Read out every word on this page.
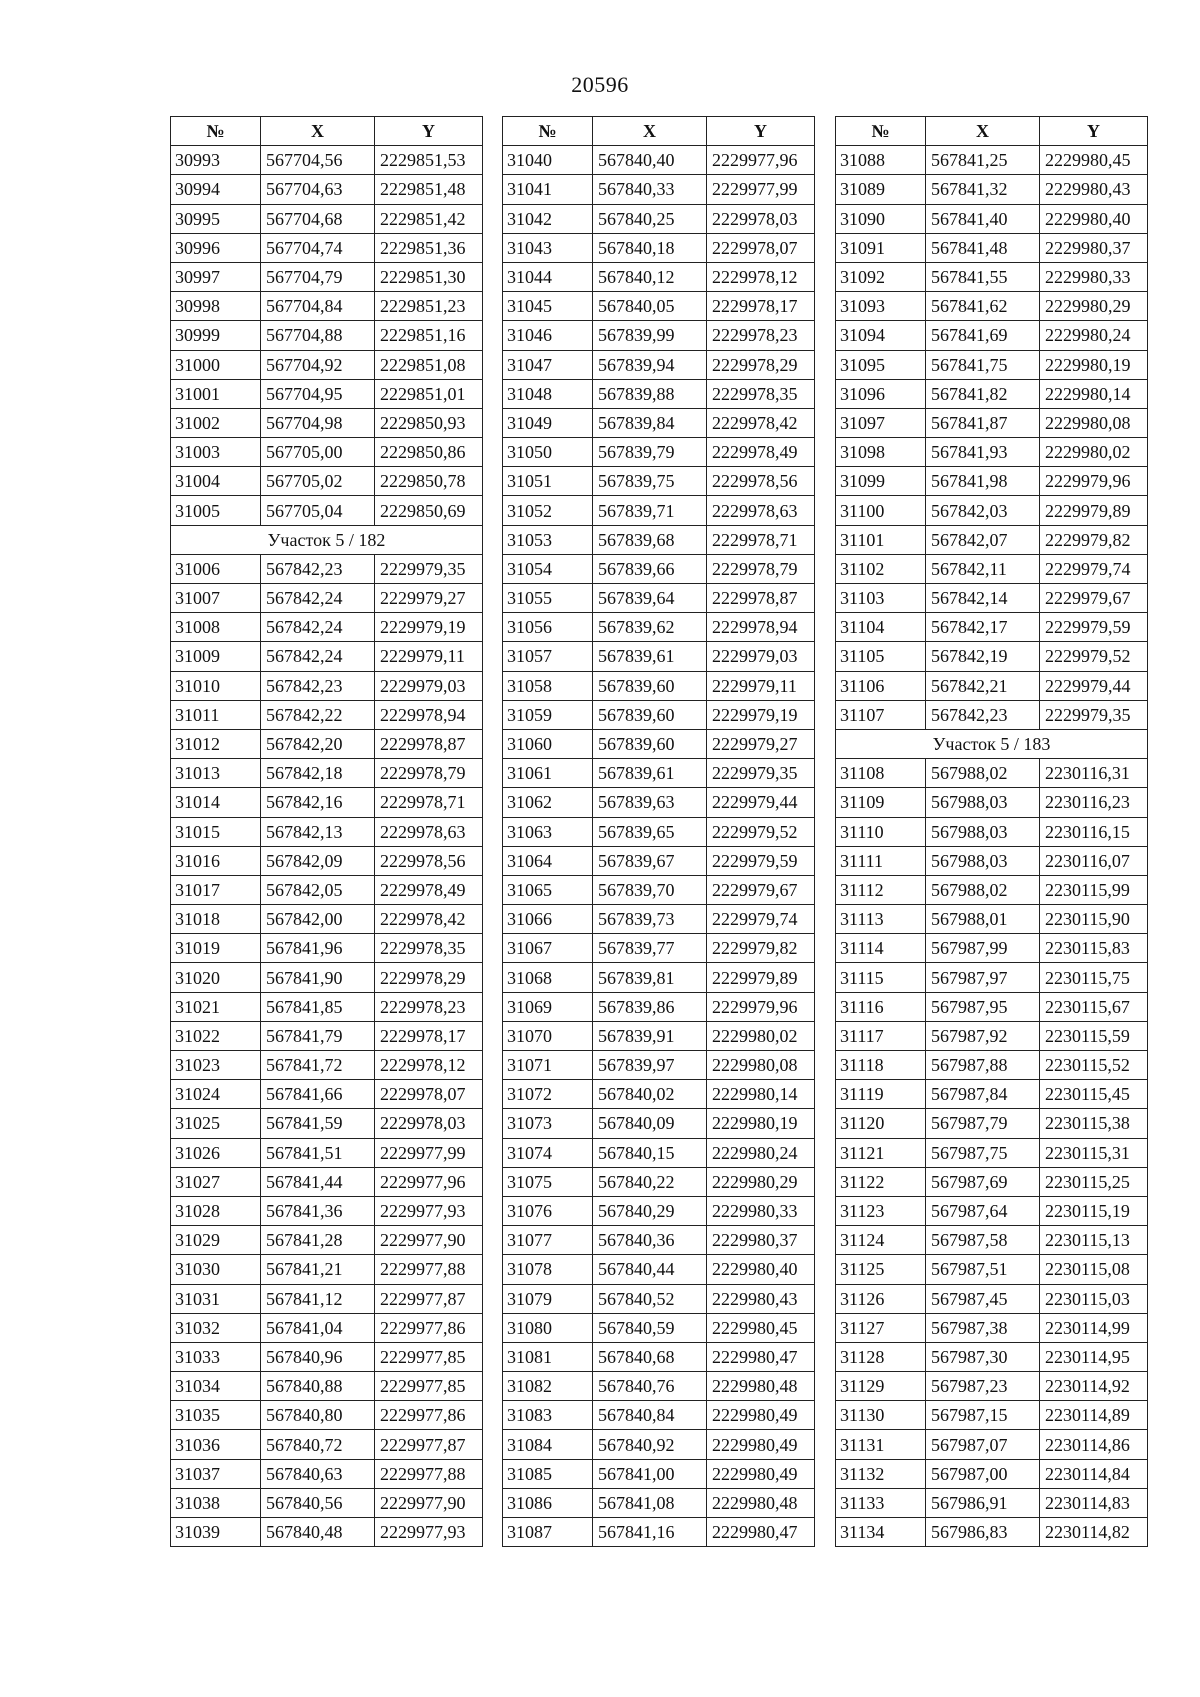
20596
№	X	Y
30993	567704,56	2229851,53
30994	567704,63	2229851,48
30995	567704,68	2229851,42
30996	567704,74	2229851,36
30997	567704,79	2229851,30
30998	567704,84	2229851,23
30999	567704,88	2229851,16
31000	567704,92	2229851,08
31001	567704,95	2229851,01
31002	567704,98	2229850,93
31003	567705,00	2229850,86
31004	567705,02	2229850,78
31005	567705,04	2229850,69
Участок 5 / 182		
31006	567842,23	2229979,35
31007	567842,24	2229979,27
31008	567842,24	2229979,19
31009	567842,24	2229979,11
31010	567842,23	2229979,03
31011	567842,22	2229978,94
31012	567842,20	2229978,87
31013	567842,18	2229978,79
31014	567842,16	2229978,71
31015	567842,13	2229978,63
31016	567842,09	2229978,56
31017	567842,05	2229978,49
31018	567842,00	2229978,42
31019	567841,96	2229978,35
31020	567841,90	2229978,29
31021	567841,85	2229978,23
31022	567841,79	2229978,17
31023	567841,72	2229978,12
31024	567841,66	2229978,07
31025	567841,59	2229978,03
31026	567841,51	2229977,99
31027	567841,44	2229977,96
31028	567841,36	2229977,93
31029	567841,28	2229977,90
31030	567841,21	2229977,88
31031	567841,12	2229977,87
31032	567841,04	2229977,86
31033	567840,96	2229977,85
31034	567840,88	2229977,85
31035	567840,80	2229977,86
31036	567840,72	2229977,87
31037	567840,63	2229977,88
31038	567840,56	2229977,90
31039	567840,48	2229977,93
№	X	Y
31040	567840,40	2229977,96
31041	567840,33	2229977,99
31042	567840,25	2229978,03
31043	567840,18	2229978,07
31044	567840,12	2229978,12
31045	567840,05	2229978,17
31046	567839,99	2229978,23
31047	567839,94	2229978,29
31048	567839,88	2229978,35
31049	567839,84	2229978,42
31050	567839,79	2229978,49
31051	567839,75	2229978,56
31052	567839,71	2229978,63
31053	567839,68	2229978,71
31054	567839,66	2229978,79
31055	567839,64	2229978,87
31056	567839,62	2229978,94
31057	567839,61	2229979,03
31058	567839,60	2229979,11
31059	567839,60	2229979,19
31060	567839,60	2229979,27
31061	567839,61	2229979,35
31062	567839,63	2229979,44
31063	567839,65	2229979,52
31064	567839,67	2229979,59
31065	567839,70	2229979,67
31066	567839,73	2229979,74
31067	567839,77	2229979,82
31068	567839,81	2229979,89
31069	567839,86	2229979,96
31070	567839,91	2229980,02
31071	567839,97	2229980,08
31072	567840,02	2229980,14
31073	567840,09	2229980,19
31074	567840,15	2229980,24
31075	567840,22	2229980,29
31076	567840,29	2229980,33
31077	567840,36	2229980,37
31078	567840,44	2229980,40
31079	567840,52	2229980,43
31080	567840,59	2229980,45
31081	567840,68	2229980,47
31082	567840,76	2229980,48
31083	567840,84	2229980,49
31084	567840,92	2229980,49
31085	567841,00	2229980,49
31086	567841,08	2229980,48
31087	567841,16	2229980,47
№	X	Y
31088	567841,25	2229980,45
31089	567841,32	2229980,43
31090	567841,40	2229980,40
31091	567841,48	2229980,37
31092	567841,55	2229980,33
31093	567841,62	2229980,29
31094	567841,69	2229980,24
31095	567841,75	2229980,19
31096	567841,82	2229980,14
31097	567841,87	2229980,08
31098	567841,93	2229980,02
31099	567841,98	2229979,96
31100	567842,03	2229979,89
31101	567842,07	2229979,82
31102	567842,11	2229979,74
31103	567842,14	2229979,67
31104	567842,17	2229979,59
31105	567842,19	2229979,52
31106	567842,21	2229979,44
31107	567842,23	2229979,35
Участок 5 / 183		
31108	567988,02	2230116,31
31109	567988,03	2230116,23
31110	567988,03	2230116,15
31111	567988,03	2230116,07
31112	567988,02	2230115,99
31113	567988,01	2230115,90
31114	567987,99	2230115,83
31115	567987,97	2230115,75
31116	567987,95	2230115,67
31117	567987,92	2230115,59
31118	567987,88	2230115,52
31119	567987,84	2230115,45
31120	567987,79	2230115,38
31121	567987,75	2230115,31
31122	567987,69	2230115,25
31123	567987,64	2230115,19
31124	567987,58	2230115,13
31125	567987,51	2230115,08
31126	567987,45	2230115,03
31127	567987,38	2230114,99
31128	567987,30	2230114,95
31129	567987,23	2230114,92
31130	567987,15	2230114,89
31131	567987,07	2230114,86
31132	567987,00	2230114,84
31133	567986,91	2230114,83
31134	567986,83	2230114,82
